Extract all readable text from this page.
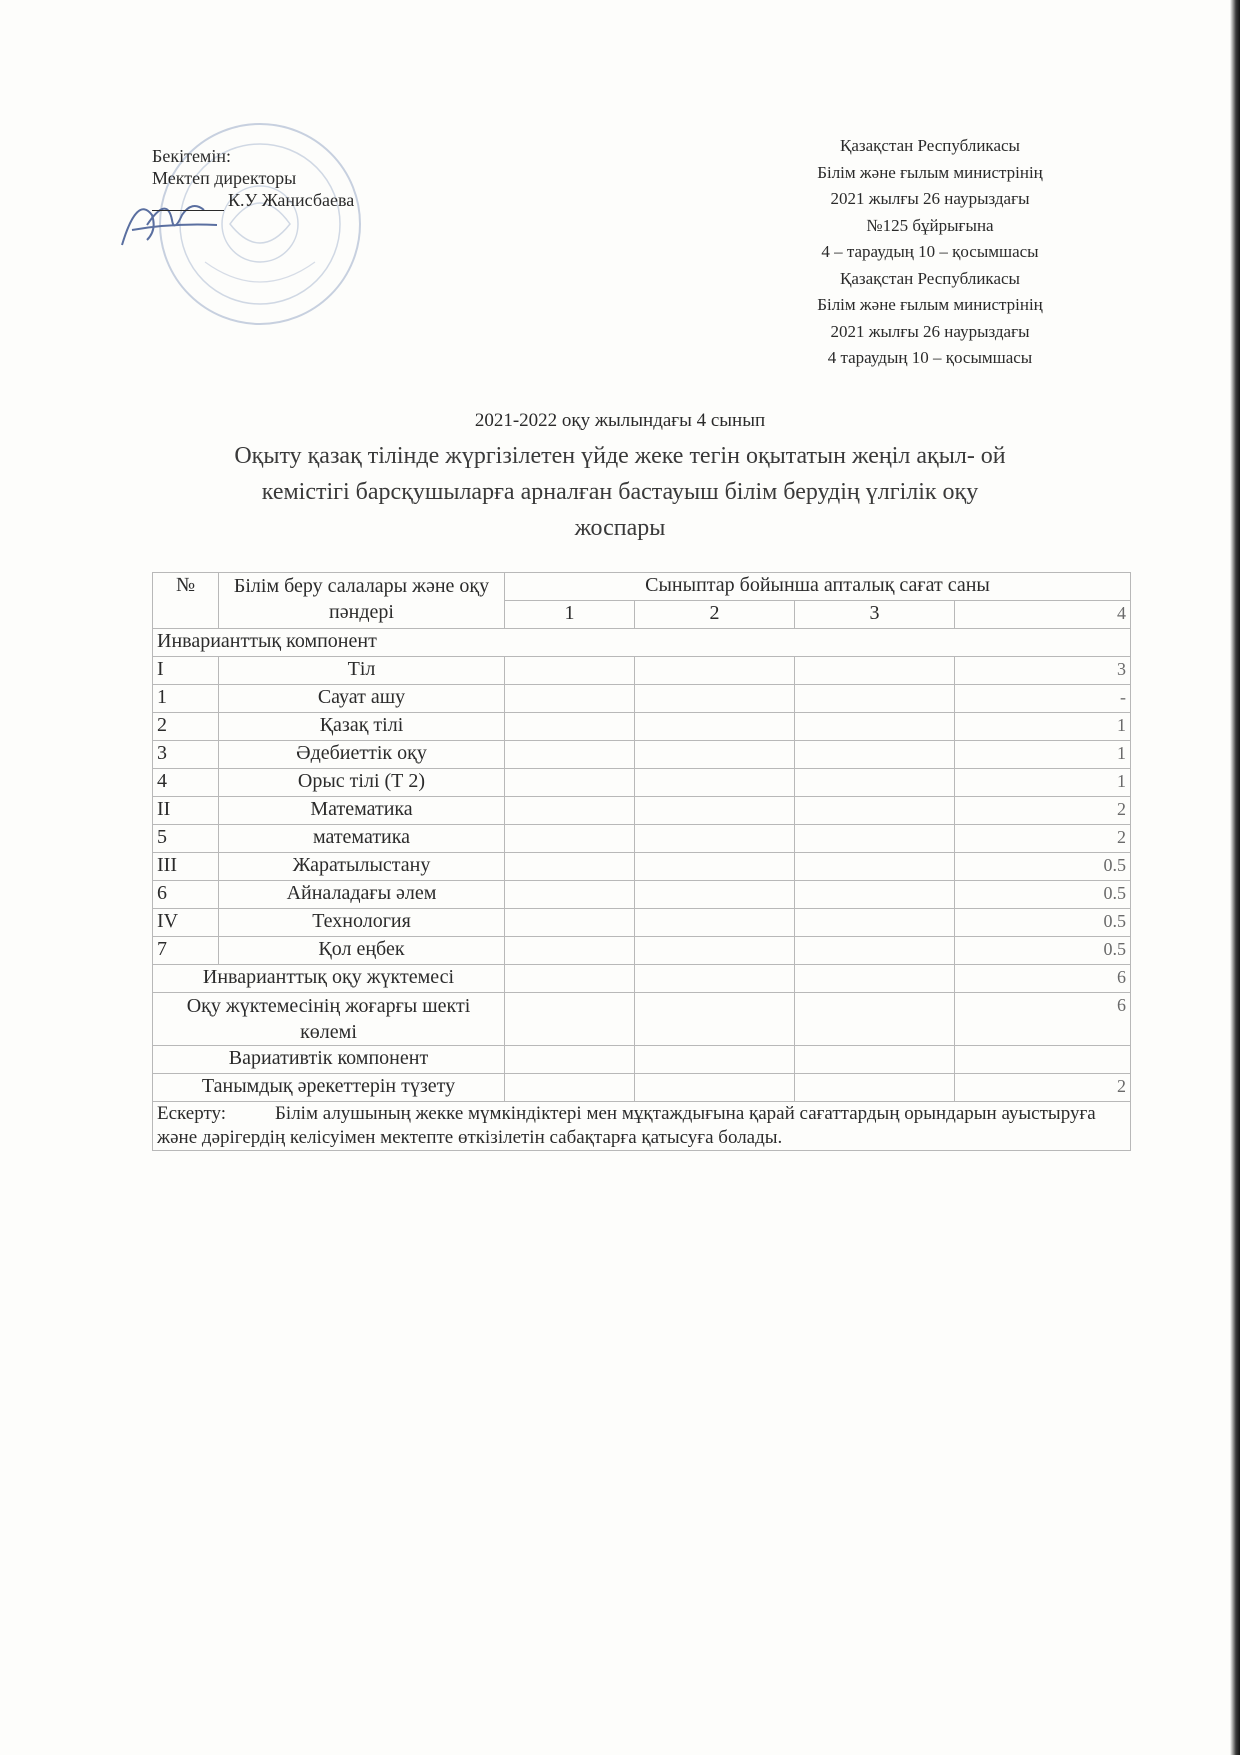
Бекітемін:
Мектеп директоры
К.У Жанисбаева
Қазақстан Республикасы
Білім және ғылым министрінің
2021 жылғы 26 наурыздағы
№125 бұйрығына
4 – тараудың 10 – қосымшасы
Қазақстан Республикасы
Білім және ғылым министрінің
2021 жылғы 26 наурыздағы
4 тараудың 10 – қосымшасы
2021-2022 оқу жылындағы 4 сынып
Оқыту қазақ тілінде жүргізілетен үйде жеке тегін оқытатын жеңіл ақыл- ой
кемістігі барсқушыларға арналған бастауыш білім берудің үлгілік оқу
жоспары
№	Білім беру салалары және оқу пәндері	Сыныптар бойынша апталық сағат саны			
		1	2	3	4
Инварианттық компонент					
I	Тіл				3
1	Сауат ашу				-
2	Қазақ тілі				1
3	Әдебиеттік оқу				1
4	Орыс тілі (Т 2)				1
II	Математика				2
5	математика				2
III	Жаратылыстану				0.5
6	Айналадағы әлем				0.5
IV	Технология				0.5
7	Қол еңбек				0.5
Инварианттық оқу жүктемесі					6
Оқу жүктемесінің жоғарғы шекті көлемі					6
Вариативтік компонент					
Танымдық әрекеттерін түзету					2
Ескерту: Білім алушының жекке мүмкіндіктері мен мұқтаждығына қарай сағаттардың орындарын ауыстыруға және дәрігердің келісуімен мектепте өткізілетін сабақтарға қатысуға болады.					
